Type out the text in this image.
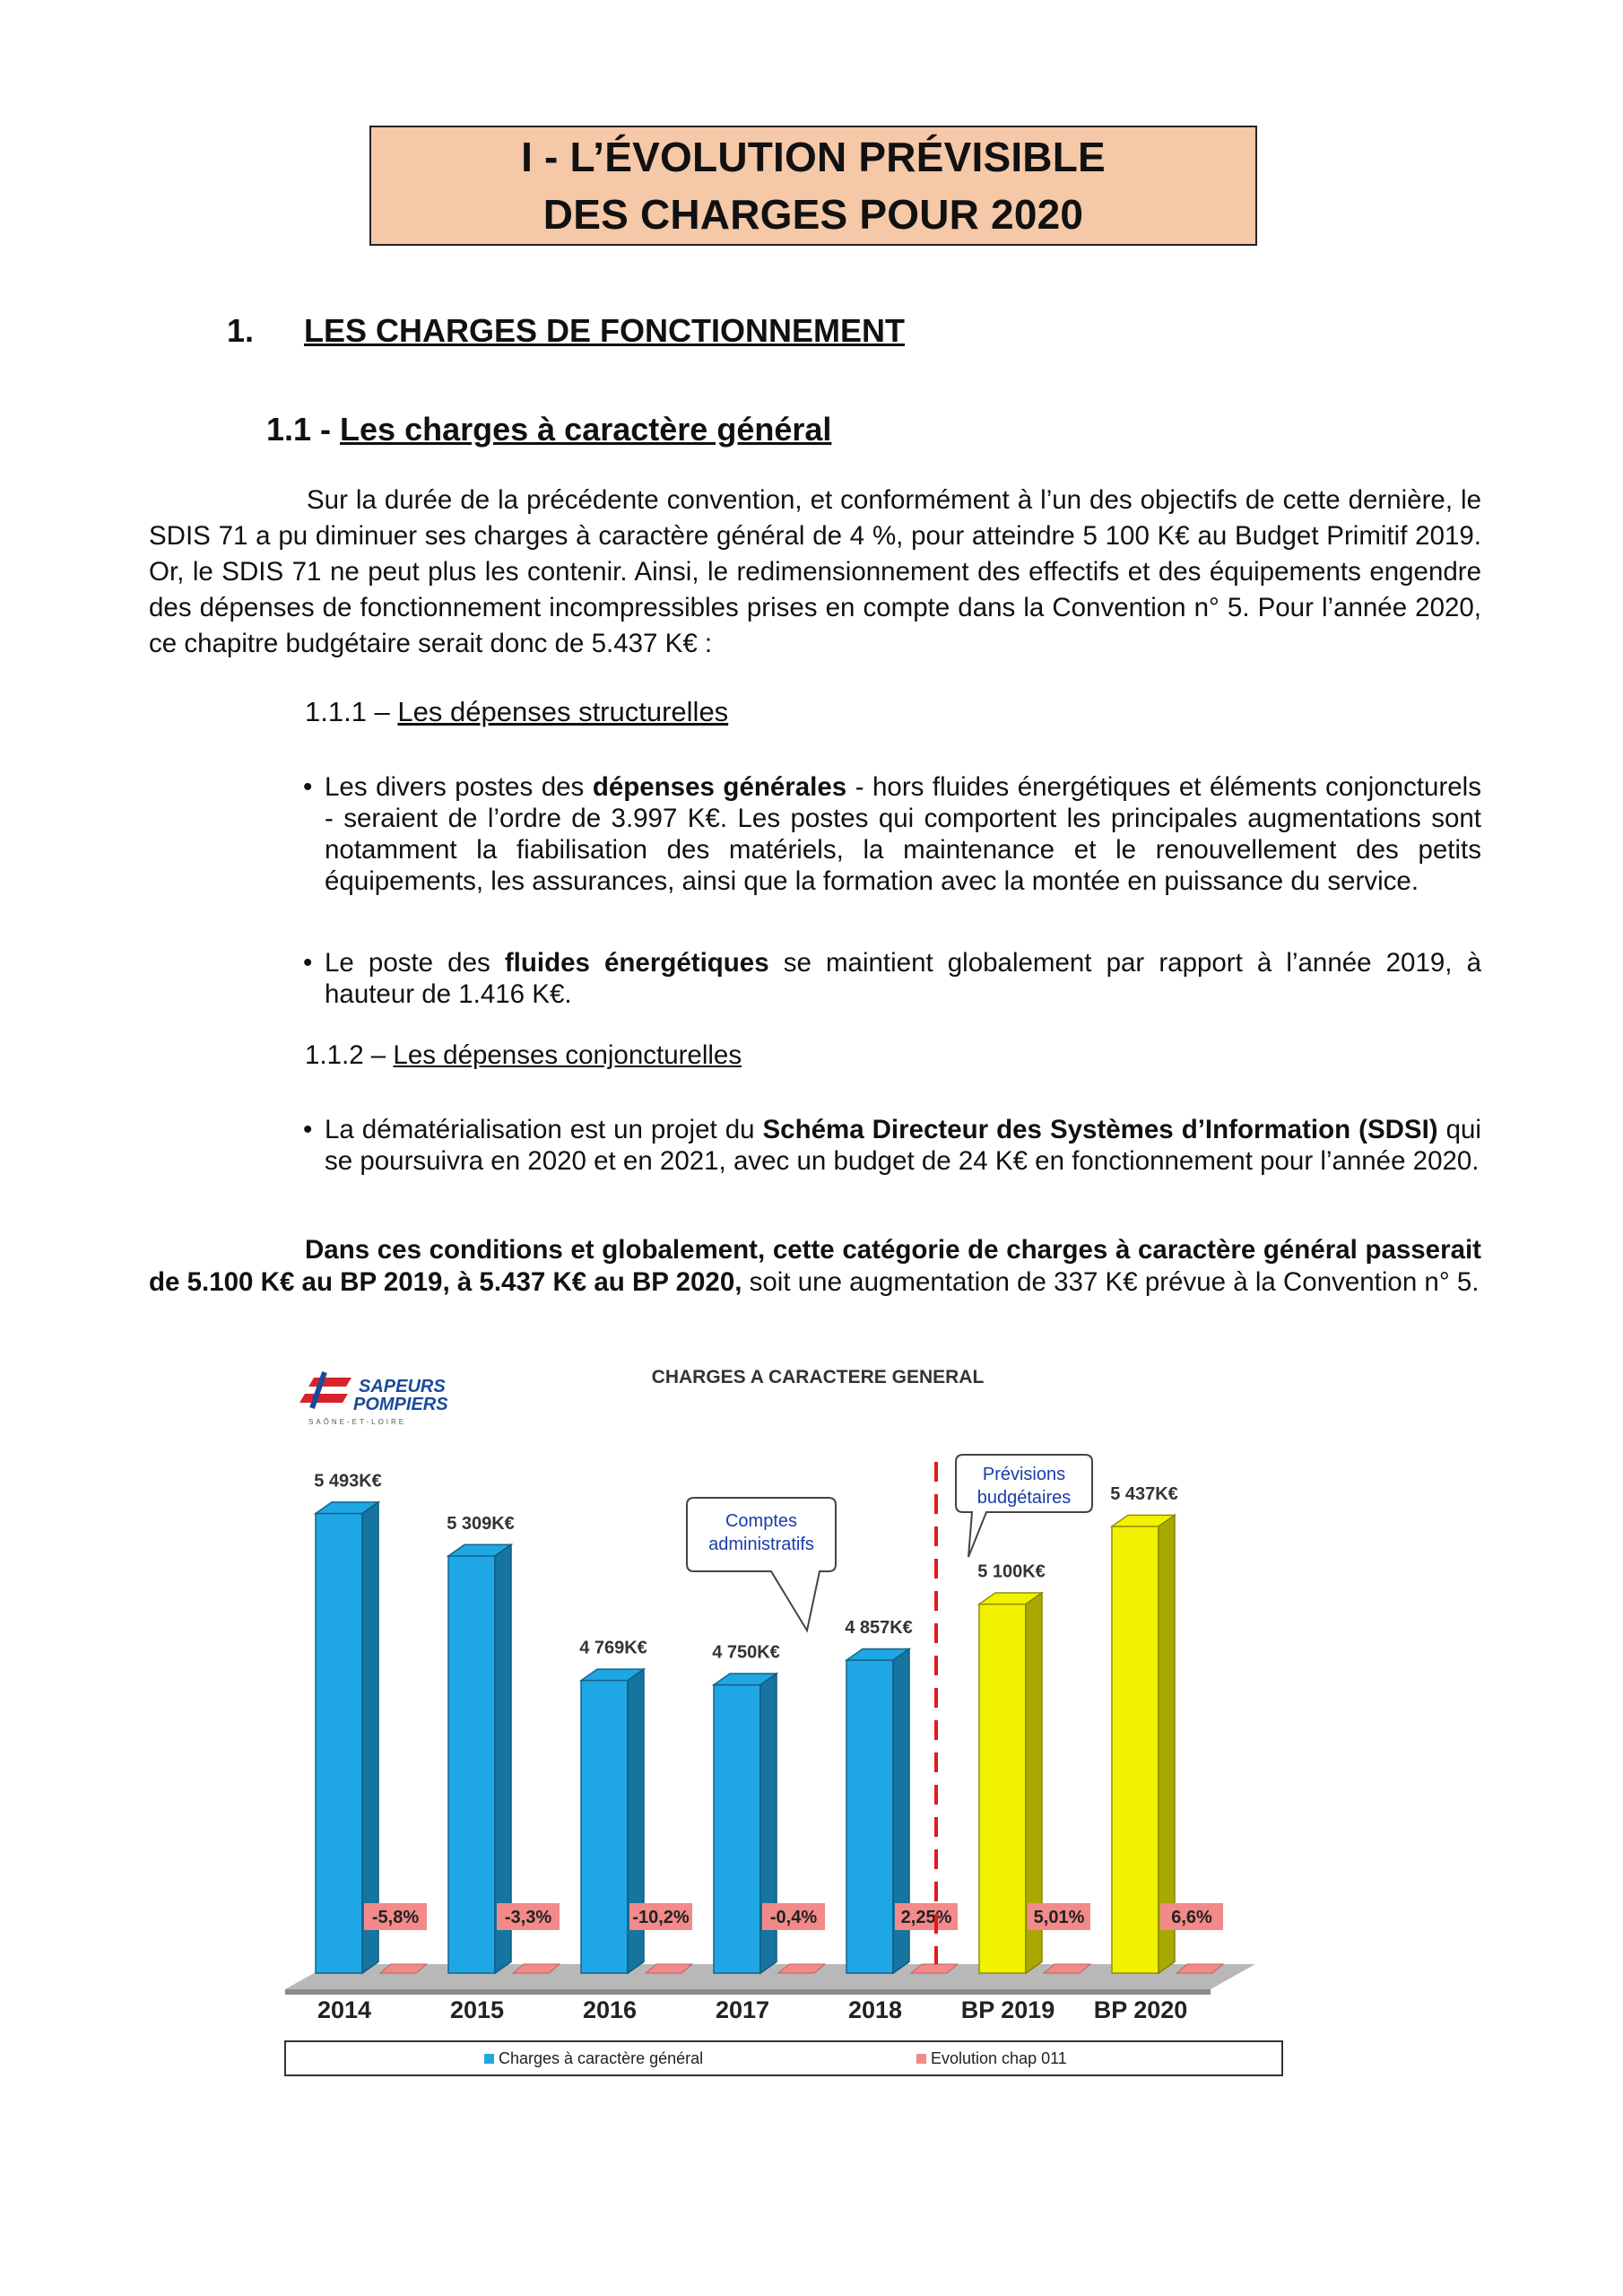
I - L’ÉVOLUTION PRÉVISIBLE
DES CHARGES POUR 2020
1. LES CHARGES DE FONCTIONNEMENT
1.1 - Les charges à caractère général
Sur la durée de la précédente convention, et conformément à l’un des objectifs de cette dernière, le SDIS 71 a pu diminuer ses charges à caractère général de 4 %, pour atteindre 5 100 K€ au Budget Primitif 2019. Or, le SDIS 71 ne peut plus les contenir. Ainsi, le redimensionnement des effectifs et des équipements engendre des dépenses de fonctionnement incompressibles prises en compte dans la Convention n° 5. Pour l’année 2020, ce chapitre budgétaire serait donc de 5.437 K€ :
1.1.1 – Les dépenses structurelles
• Les divers postes des dépenses générales - hors fluides énergétiques et éléments conjoncturels - seraient de l’ordre de 3.997 K€. Les postes qui comportent les principales augmentations sont notamment la fiabilisation des matériels, la maintenance et le renouvellement des petits équipements, les assurances, ainsi que la formation avec la montée en puissance du service.
• Le poste des fluides énergétiques se maintient globalement par rapport à l’année 2019, à hauteur de 1.416 K€.
1.1.2 – Les dépenses conjoncturelles
• La dématérialisation est un projet du Schéma Directeur des Systèmes d’Information (SDSI) qui se poursuivra en 2020 et en 2021, avec un budget de 24 K€ en fonctionnement pour l’année 2020.
Dans ces conditions et globalement, cette catégorie de charges à caractère général passerait de 5.100 K€ au BP 2019, à 5.437 K€ au BP 2020, soit une augmentation de 337 K€ prévue à la Convention n° 5.
SAPEURS
POMPIERS
SAÔNE-ET-LOIRE
CHARGES A CARACTERE GENERAL
5 493K€
-5,8%
2014
5 309K€
-3,3%
2015
4 769K€
-10,2%
2016
4 750K€
-0,4%
2017
4 857K€
2,25%
2018
5 100K€
5,01%
BP 2019
5 437K€
6,6%
BP 2020
Comptes
administratifs
Prévisions
budgétaires
Charges à caractère général	Evolution chap 011
